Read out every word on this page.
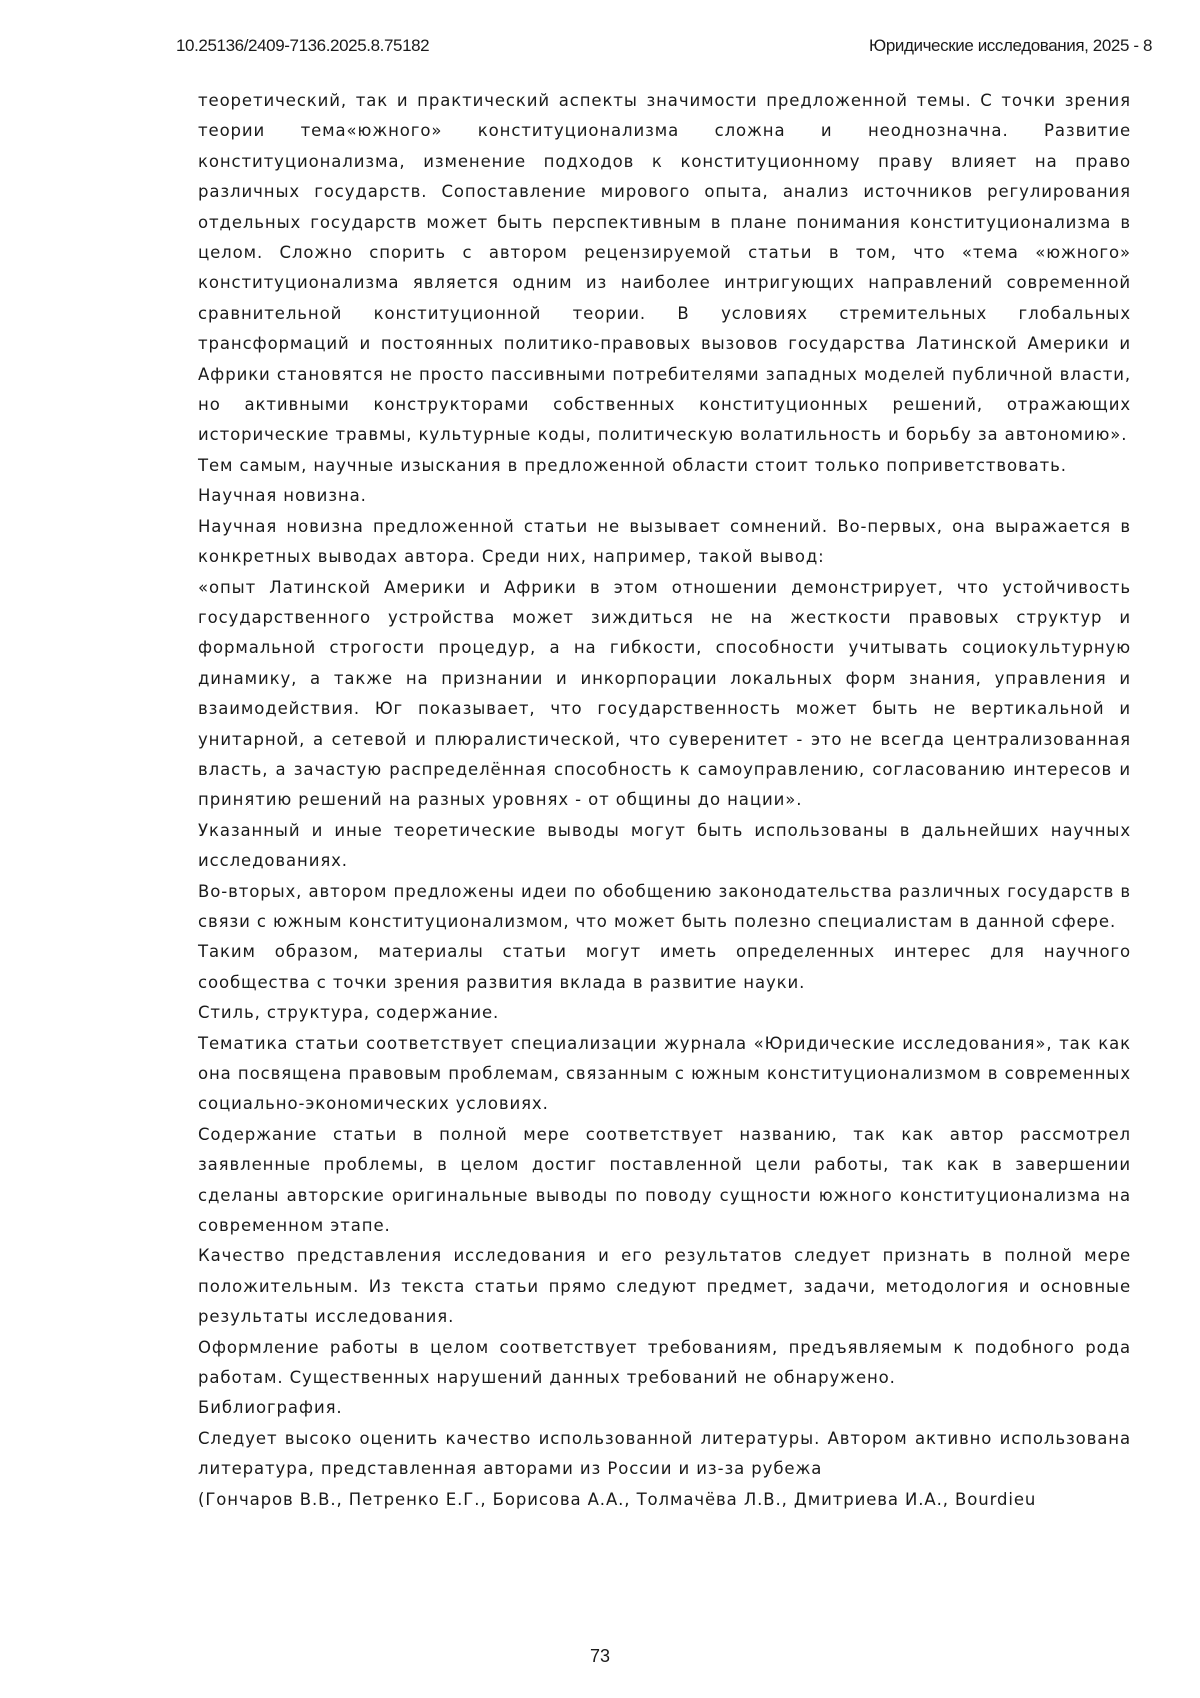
10.25136/2409-7136.2025.8.75182	Юридические исследования, 2025 - 8

теоретический, так и практический аспекты значимости предложенной темы. С точки зрения теории тема«южного» конституционализма сложна и неоднозначна. Развитие конституционализма, изменение подходов к конституционному праву влияет на право различных государств. Сопоставление мирового опыта, анализ источников регулирования отдельных государств может быть перспективным в плане понимания конституционализма в целом. Сложно спорить с автором рецензируемой статьи в том, что «тема «южного» конституционализма является одним из наиболее интригующих направлений современной сравнительной конституционной теории. В условиях стремительных глобальных трансформаций и постоянных политико-правовых вызовов государства Латинской Америки и Африки становятся не просто пассивными потребителями западных моделей публичной власти, но активными конструкторами собственных конституционных решений, отражающих исторические травмы, культурные коды, политическую волатильность и борьбу за автономию».

Тем самым, научные изыскания в предложенной области стоит только поприветствовать.

Научная новизна.

Научная новизна предложенной статьи не вызывает сомнений. Во-первых, она выражается в конкретных выводах автора. Среди них, например, такой вывод:

«опыт Латинской Америки и Африки в этом отношении демонстрирует, что устойчивость государственного устройства может зиждиться не на жесткости правовых структур и формальной строгости процедур, а на гибкости, способности учитывать социокультурную динамику, а также на признании и инкорпорации локальных форм знания, управления и взаимодействия. Юг показывает, что государственность может быть не вертикальной и унитарной, а сетевой и плюралистической, что суверенитет - это не всегда централизованная власть, а зачастую распределённая способность к самоуправлению, согласованию интересов и принятию решений на разных уровнях - от общины до нации».

Указанный и иные теоретические выводы могут быть использованы в дальнейших научных исследованиях.

Во-вторых, автором предложены идеи по обобщению законодательства различных государств в связи с южным конституционализмом, что может быть полезно специалистам в данной сфере.

Таким образом, материалы статьи могут иметь определенных интерес для научного сообщества с точки зрения развития вклада в развитие науки.

Стиль, структура, содержание.

Тематика статьи соответствует специализации журнала «Юридические исследования», так как она посвящена правовым проблемам, связанным с южным конституционализмом в современных социально-экономических условиях.

Содержание статьи в полной мере соответствует названию, так как автор рассмотрел заявленные проблемы, в целом достиг поставленной цели работы, так как в завершении сделаны авторские оригинальные выводы по поводу сущности южного конституционализма на современном этапе.

Качество представления исследования и его результатов следует признать в полной мере положительным. Из текста статьи прямо следуют предмет, задачи, методология и основные результаты исследования.

Оформление работы в целом соответствует требованиям, предъявляемым к подобного рода работам. Существенных нарушений данных требований не обнаружено.

Библиография.

Следует высоко оценить качество использованной литературы. Автором активно использована литература, представленная авторами из России и из-за рубежа

(Гончаров В.В., Петренко Е.Г., Борисова А.А., Толмачёва Л.В., Дмитриева И.А., Bourdieu

73
